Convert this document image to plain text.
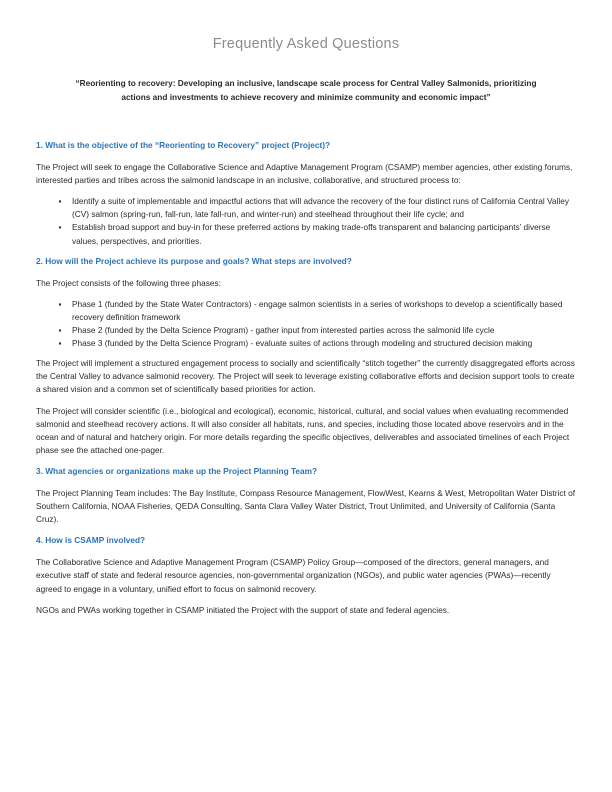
Frequently Asked Questions
“Reorienting to recovery: Developing an inclusive, landscape scale process for Central Valley Salmonids, prioritizing actions and investments to achieve recovery and minimize community and economic impact”
1. What is the objective of the “Reorienting to Recovery” project (Project)?

The Project will seek to engage the Collaborative Science and Adaptive Management Program (CSAMP) member agencies, other existing forums, interested parties and tribes across the salmonid landscape in an inclusive, collaborative, and structured process to:

▪ Identify a suite of implementable and impactful actions that will advance the recovery of the four distinct runs of California Central Valley (CV) salmon (spring-run, fall-run, late fall-run, and winter-run) and steelhead throughout their life cycle; and
▪ Establish broad support and buy-in for these preferred actions by making trade-offs transparent and balancing participants’ diverse values, perspectives, and priorities.
2. How will the Project achieve its purpose and goals? What steps are involved?

The Project consists of the following three phases:

▪ Phase 1 (funded by the State Water Contractors) - engage salmon scientists in a series of workshops to develop a scientifically based recovery definition framework
▪ Phase 2 (funded by the Delta Science Program) - gather input from interested parties across the salmonid life cycle
▪ Phase 3 (funded by the Delta Science Program) - evaluate suites of actions through modeling and structured decision making

The Project will implement a structured engagement process to socially and scientifically “stitch together” the currently disaggregated efforts across the Central Valley to advance salmonid recovery. The Project will seek to leverage existing collaborative efforts and decision support tools to create a shared vision and a common set of scientifically based priorities for action.

The Project will consider scientific (i.e., biological and ecological), economic, historical, cultural, and social values when evaluating recommended salmonid and steelhead recovery actions. It will also consider all habitats, runs, and species, including those located above reservoirs and in the ocean and of natural and hatchery origin. For more details regarding the specific objectives, deliverables and associated timelines of each Project phase see the attached one-pager.

3. What agencies or organizations make up the Project Planning Team?

The Project Planning Team includes: The Bay Institute, Compass Resource Management, FlowWest, Kearns & West, Metropolitan Water District of Southern California, NOAA Fisheries, QEDA Consulting, Santa Clara Valley Water District, Trout Unlimited, and University of California (Santa Cruz).

4. How is CSAMP involved?

The Collaborative Science and Adaptive Management Program (CSAMP) Policy Group—composed of the directors, general managers, and executive staff of state and federal resource agencies, non-governmental organization (NGOs), and public water agencies (PWAs)—recently agreed to engage in a voluntary, unified effort to focus on salmonid recovery.

NGOs and PWAs working together in CSAMP initiated the Project with the support of state and federal agencies.
